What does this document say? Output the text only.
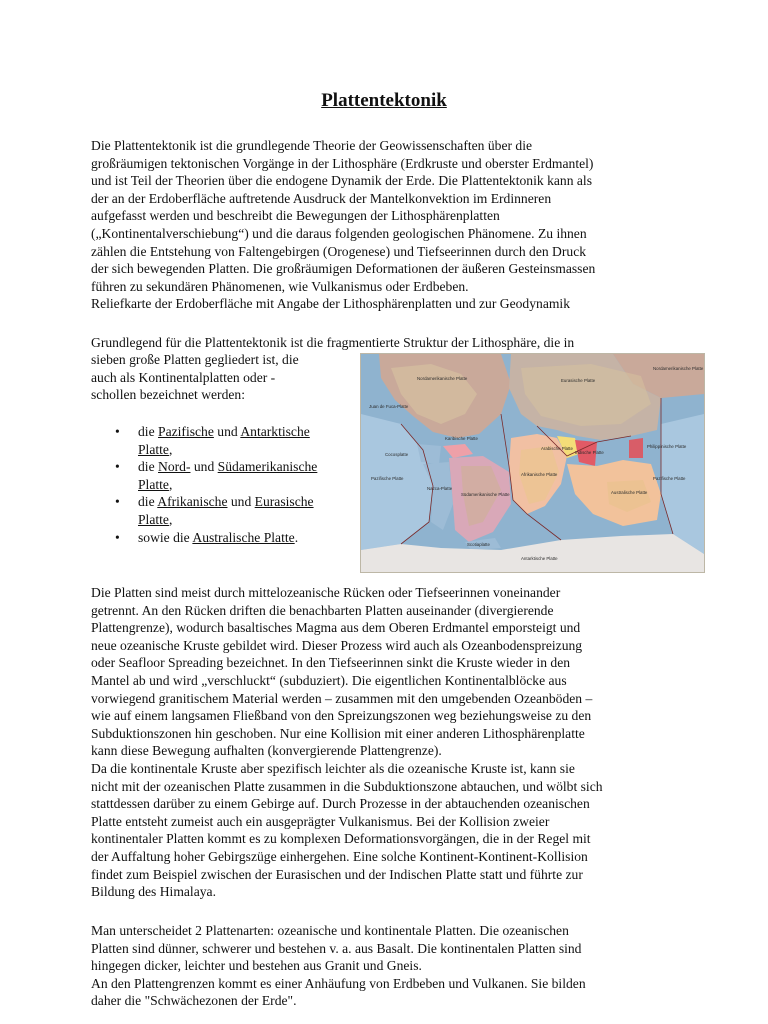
Plattentektonik

Die Plattentektonik ist die grundlegende Theorie der Geowissenschaften über die
großräumigen tektonischen Vorgänge in der Lithosphäre (Erdkruste und oberster Erdmantel)
und ist Teil der Theorien über die endogene Dynamik der Erde. Die Plattentektonik kann als
der an der Erdoberfläche auftretende Ausdruck der Mantelkonvektion im Erdinneren
aufgefasst werden und beschreibt die Bewegungen der Lithosphärenplatten
(„Kontinentalverschiebung“) und die daraus folgenden geologischen Phänomene. Zu ihnen
zählen die Entstehung von Faltengebirgen (Orogenese) und Tiefseerinnen durch den Druck
der sich bewegenden Platten. Die großräumigen Deformationen der äußeren Gesteinsmassen
führen zu sekundären Phänomenen, wie Vulkanismus oder Erdbeben.
Reliefkarte der Erdoberfläche mit Angabe der Lithosphärenplatten und zur Geodynamik

Grundlegend für die Plattentektonik ist die fragmentierte Struktur der Lithosphäre, die in

sieben große Platten gegliedert ist, die
auch als Kontinentalplatten oder -
schollen bezeichnet werden:

• die Pazifische und Antarktische
Platte,
• die Nord- und Südamerikanische
Platte,
• die Afrikanische und Eurasische
Platte,
• sowie die Australische Platte.
Nordamerikanische Platte
Juan de Fuca-Platte
Karibische Platte
Eurasische Platte
Nordamerikanische Platte
Philippinische Platte
Pazifische Platte
Pazifische Platte
Cocosplatte
Nazca-Platte
Südamerikanische Platte
Arabische Platte
Indische Platte
Afrikanische Platte
Australische Platte
Scotiaplatte
Antarktische Platte

Die Platten sind meist durch mittelozeanische Rücken oder Tiefseerinnen voneinander
getrennt. An den Rücken driften die benachbarten Platten auseinander (divergierende
Plattengrenze), wodurch basaltisches Magma aus dem Oberen Erdmantel emporsteigt und
neue ozeanische Kruste gebildet wird. Dieser Prozess wird auch als Ozeanbodenspreizung
oder Seafloor Spreading bezeichnet. In den Tiefseerinnen sinkt die Kruste wieder in den
Mantel ab und wird „verschluckt“ (subduziert). Die eigentlichen Kontinentalblöcke aus
vorwiegend granitischem Material werden – zusammen mit den umgebenden Ozeanböden –
wie auf einem langsamen Fließband von den Spreizungszonen weg beziehungsweise zu den
Subduktionszonen hin geschoben. Nur eine Kollision mit einer anderen Lithosphärenplatte
kann diese Bewegung aufhalten (konvergierende Plattengrenze).
Da die kontinentale Kruste aber spezifisch leichter als die ozeanische Kruste ist, kann sie
nicht mit der ozeanischen Platte zusammen in die Subduktionszone abtauchen, und wölbt sich
stattdessen darüber zu einem Gebirge auf. Durch Prozesse in der abtauchenden ozeanischen
Platte entsteht zumeist auch ein ausgeprägter Vulkanismus. Bei der Kollision zweier
kontinentaler Platten kommt es zu komplexen Deformationsvorgängen, die in der Regel mit
der Auffaltung hoher Gebirgszüge einhergehen. Eine solche Kontinent-Kontinent-Kollision
findet zum Beispiel zwischen der Eurasischen und der Indischen Platte statt und führte zur
Bildung des Himalaya.

Man unterscheidet 2 Plattenarten: ozeanische und kontinentale Platten. Die ozeanischen
Platten sind dünner, schwerer und bestehen v. a. aus Basalt. Die kontinentalen Platten sind
hingegen dicker, leichter und bestehen aus Granit und Gneis.
An den Plattengrenzen kommt es einer Anhäufung von Erdbeben und Vulkanen. Sie bilden
daher die "Schwächezonen der Erde".
